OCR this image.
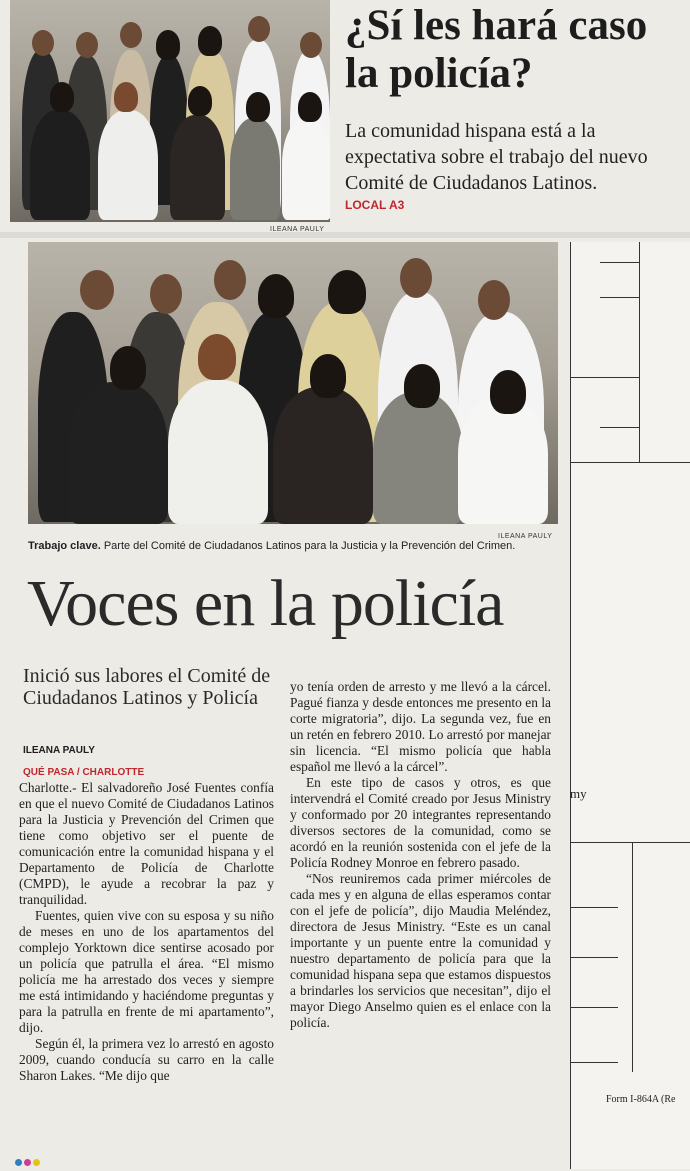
ILEANA PAULY
¿Sí les hará caso
la policía?
La comunidad hispana está a la expectativa sobre el trabajo del nuevo Comité de Ciudadanos Latinos.
LOCAL A3
ILEANA PAULY
Trabajo clave. Parte del Comité de Ciudadanos Latinos para la Justicia y la Prevención del Crimen.
Voces en la policía
Inició sus labores el Comité de Ciudadanos Latinos y Policía
ILEANA PAULY
QUÉ PASA / CHARLOTTE

Charlotte.- El salvadoreño José Fuentes confía en que el nuevo Comité de Ciudadanos Latinos para la Justicia y Prevención del Crimen que tiene como objetivo ser el puente de comunicación entre la comunidad hispana y el Departamento de Policía de Charlotte (CMPD), le ayude a recobrar la paz y tranquilidad.

Fuentes, quien vive con su esposa y su niño de meses en uno de los apartamentos del complejo Yorktown dice sentirse acosado por un policía que patrulla el área. “El mismo policía me ha arrestado dos veces y siempre me está intimidando y haciéndome preguntas y para la patrulla en frente de mi apartamento”, dijo.

Según él, la primera vez lo arrestó en agosto 2009, cuando conducía su carro en la calle Sharon Lakes. “Me dijo que

yo tenía orden de arresto y me llevó a la cárcel. Pagué fianza y desde entonces me presento en la corte migratoria”, dijo. La segunda vez, fue en un retén en febrero 2010. Lo arrestó por manejar sin licencia. “El mismo policía que habla español me llevó a la cárcel”.

En este tipo de casos y otros, es que intervendrá el Comité creado por Jesus Ministry y conformado por 20 integrantes representando diversos sectores de la comunidad, como se acordó en la reunión sostenida con el jefe de la Policía Rodney Monroe en febrero pasado.

“Nos reuniremos cada primer miércoles de cada mes y en alguna de ellas esperamos contar con el jefe de policía”, dijo Maudia Meléndez, directora de Jesus Ministry. “Este es un canal importante y un puente entre la comunidad y nuestro departamento de policía para que la comunidad hispana sepa que estamos dispuestos a brindarles los servicios que necesitan”, dijo el mayor Diego Anselmo quien es el enlace con la policía.

my
Form I-864A (Re
